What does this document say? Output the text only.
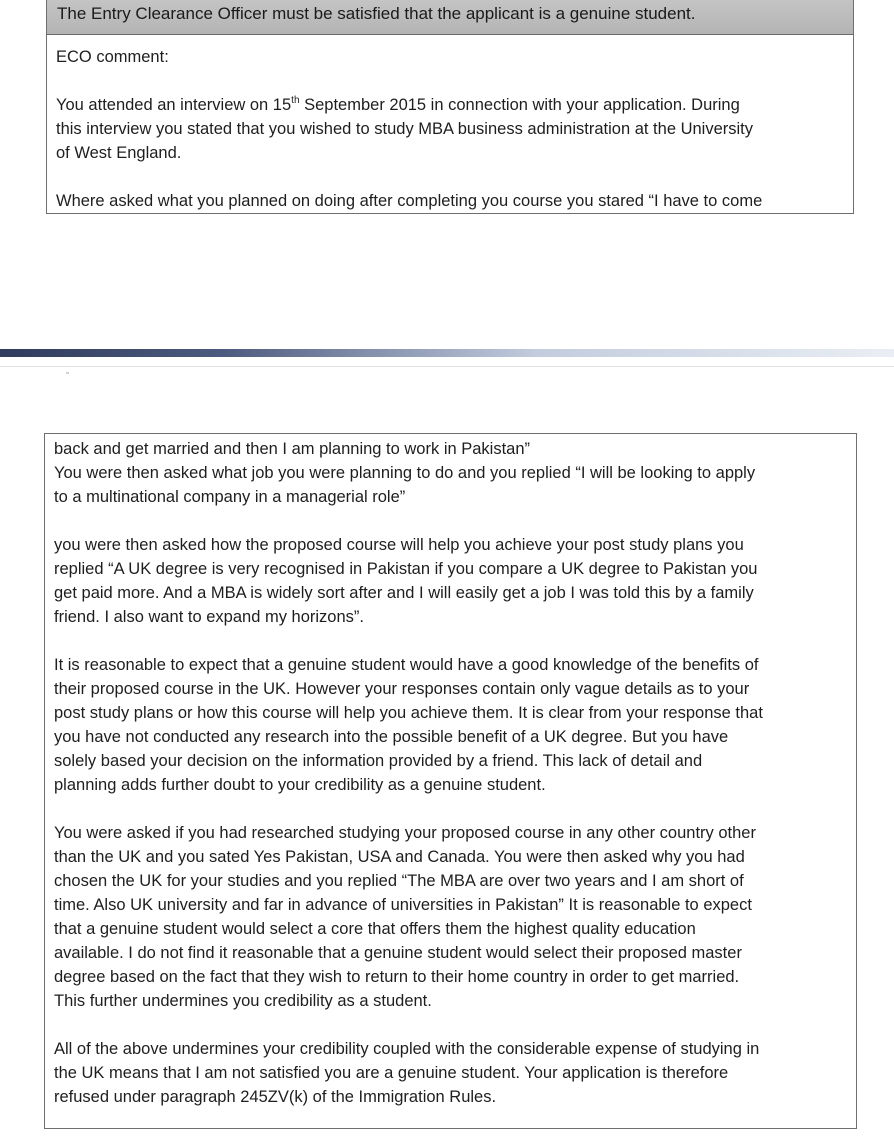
The Entry Clearance Officer must be satisfied that the applicant is a genuine student.

ECO comment:

You attended an interview on 15th September 2015 in connection with your application. During
this interview you stated that you wished to study MBA business administration at the University
of West England.

Where asked what you planned on doing after completing you course you stared “I have to come

back and get married and then I am planning to work in Pakistan”
You were then asked what job you were planning to do and you replied “I will be looking to apply
to a multinational company in a managerial role”

you were then asked how the proposed course will help you achieve your post study plans you
replied “A UK degree is very recognised in Pakistan if you compare a UK degree to Pakistan you
get paid more. And a MBA is widely sort after and I will easily get a job I was told this by a family
friend. I also want to expand my horizons”.

It is reasonable to expect that a genuine student would have a good knowledge of the benefits of
their proposed course in the UK. However your responses contain only vague details as to your
post study plans or how this course will help you achieve them. It is clear from your response that
you have not conducted any research into the possible benefit of a UK degree. But you have
solely based your decision on the information provided by a friend. This lack of detail and
planning adds further doubt to your credibility as a genuine student.

You were asked if you had researched studying your proposed course in any other country other
than the UK and you sated Yes Pakistan, USA and Canada. You were then asked why you had
chosen the UK for your studies and you replied “The MBA are over two years and I am short of
time. Also UK university and far in advance of universities in Pakistan” It is reasonable to expect
that a genuine student would select a core that offers them the highest quality education
available. I do not find it reasonable that a genuine student would select their proposed master
degree based on the fact that they wish to return to their home country in order to get married.
This further undermines you credibility as a student.

All of the above undermines your credibility coupled with the considerable expense of studying in
the UK means that I am not satisfied you are a genuine student. Your application is therefore
refused under paragraph 245ZV(k) of the Immigration Rules.
